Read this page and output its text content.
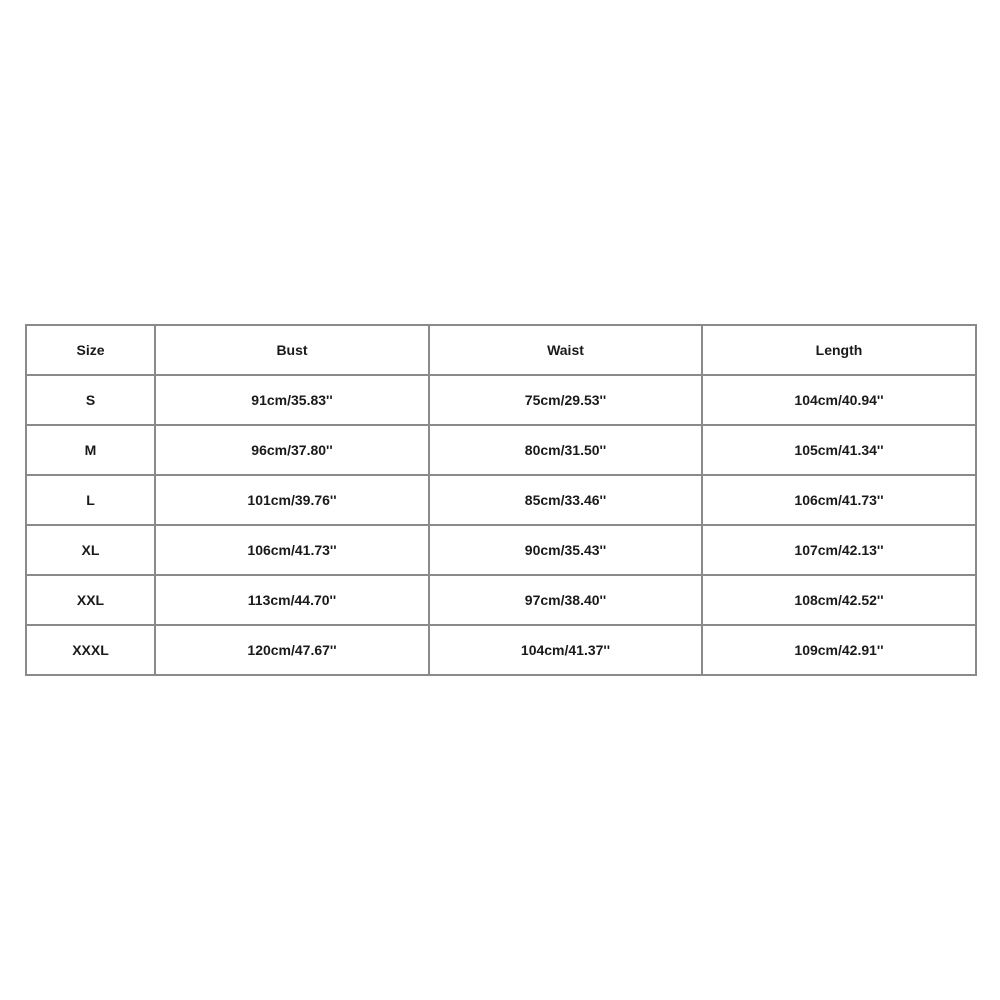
Size	Bust	Waist	Length
S	91cm/35.83''	75cm/29.53''	104cm/40.94''
M	96cm/37.80''	80cm/31.50''	105cm/41.34''
L	101cm/39.76''	85cm/33.46''	106cm/41.73''
XL	106cm/41.73''	90cm/35.43''	107cm/42.13''
XXL	113cm/44.70''	97cm/38.40''	108cm/42.52''
XXXL	120cm/47.67''	104cm/41.37''	109cm/42.91''
